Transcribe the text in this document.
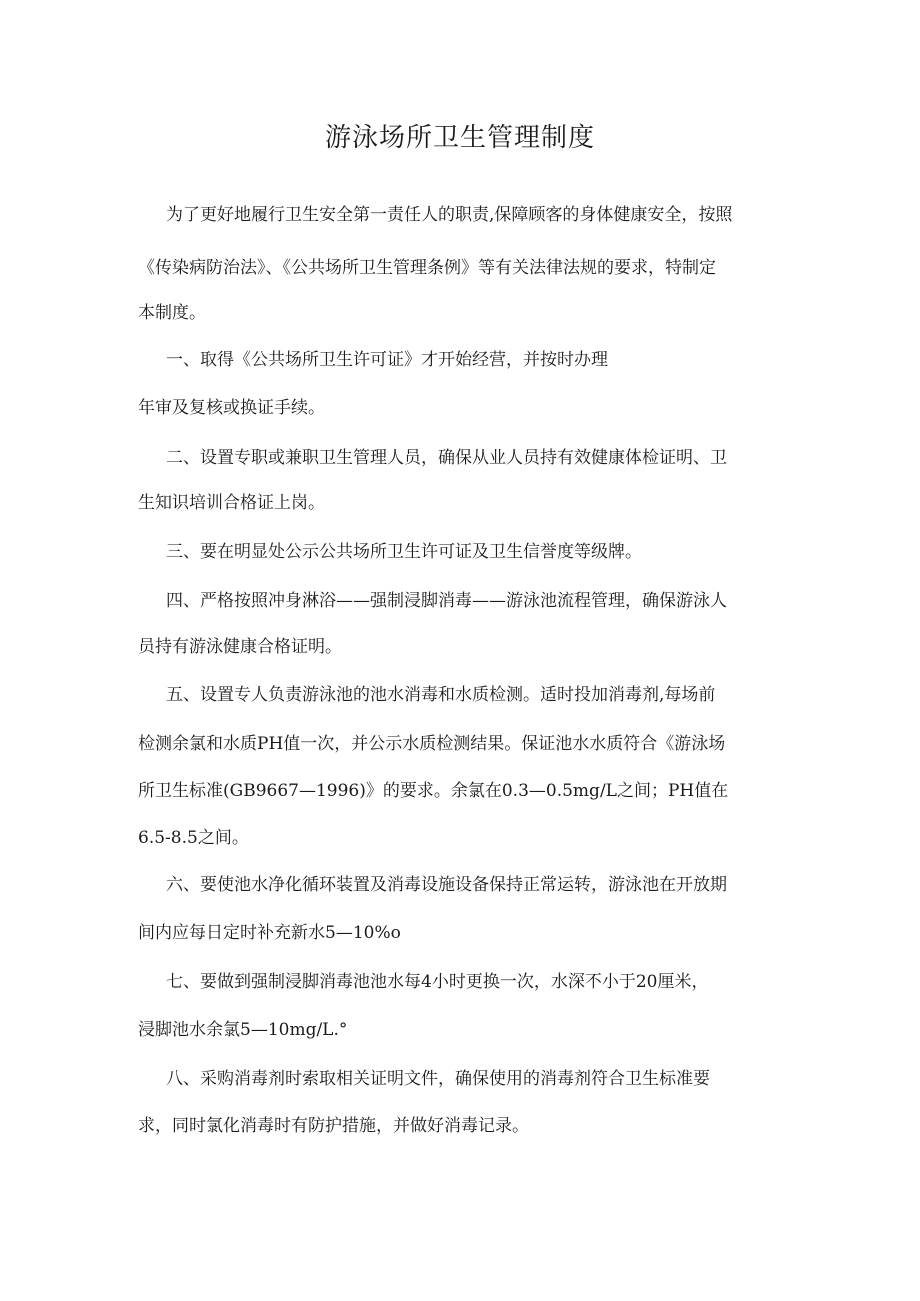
游泳场所卫生管理制度
为了更好地履行卫生安全第一责任人的职责,保障顾客的身体健康安全，按照
《传染病防治法》、《公共场所卫生管理条例》等有关法律法规的要求，特制定
本制度。
一、取得《公共场所卫生许可证》才开始经营，并按时办理
年审及复核或换证手续。
二、设置专职或兼职卫生管理人员，确保从业人员持有效健康体检证明、卫
生知识培训合格证上岗。
三、要在明显处公示公共场所卫生许可证及卫生信誉度等级牌。
四、严格按照冲身淋浴——强制浸脚消毒——游泳池流程管理，确保游泳人
员持有游泳健康合格证明。
五、设置专人负责游泳池的池水消毒和水质检测。适时投加消毒剂,每场前
检测余氯和水质PH值一次，并公示水质检测结果。保证池水水质符合《游泳场
所卫生标准(GB9667—1996)》的要求。余氯在0.3—0.5mg/L之间；PH值在
6.5-8.5之间。
六、要使池水净化循环装置及消毒设施设备保持正常运转，游泳池在开放期
间内应每日定时补充新水5—10%o
七、要做到强制浸脚消毒池池水每4小时更换一次，水深不小于20厘米，
浸脚池水余氯5—10mg/L.°
八、采购消毒剂时索取相关证明文件，确保使用的消毒剂符合卫生标准要
求，同时氯化消毒时有防护措施，并做好消毒记录。
